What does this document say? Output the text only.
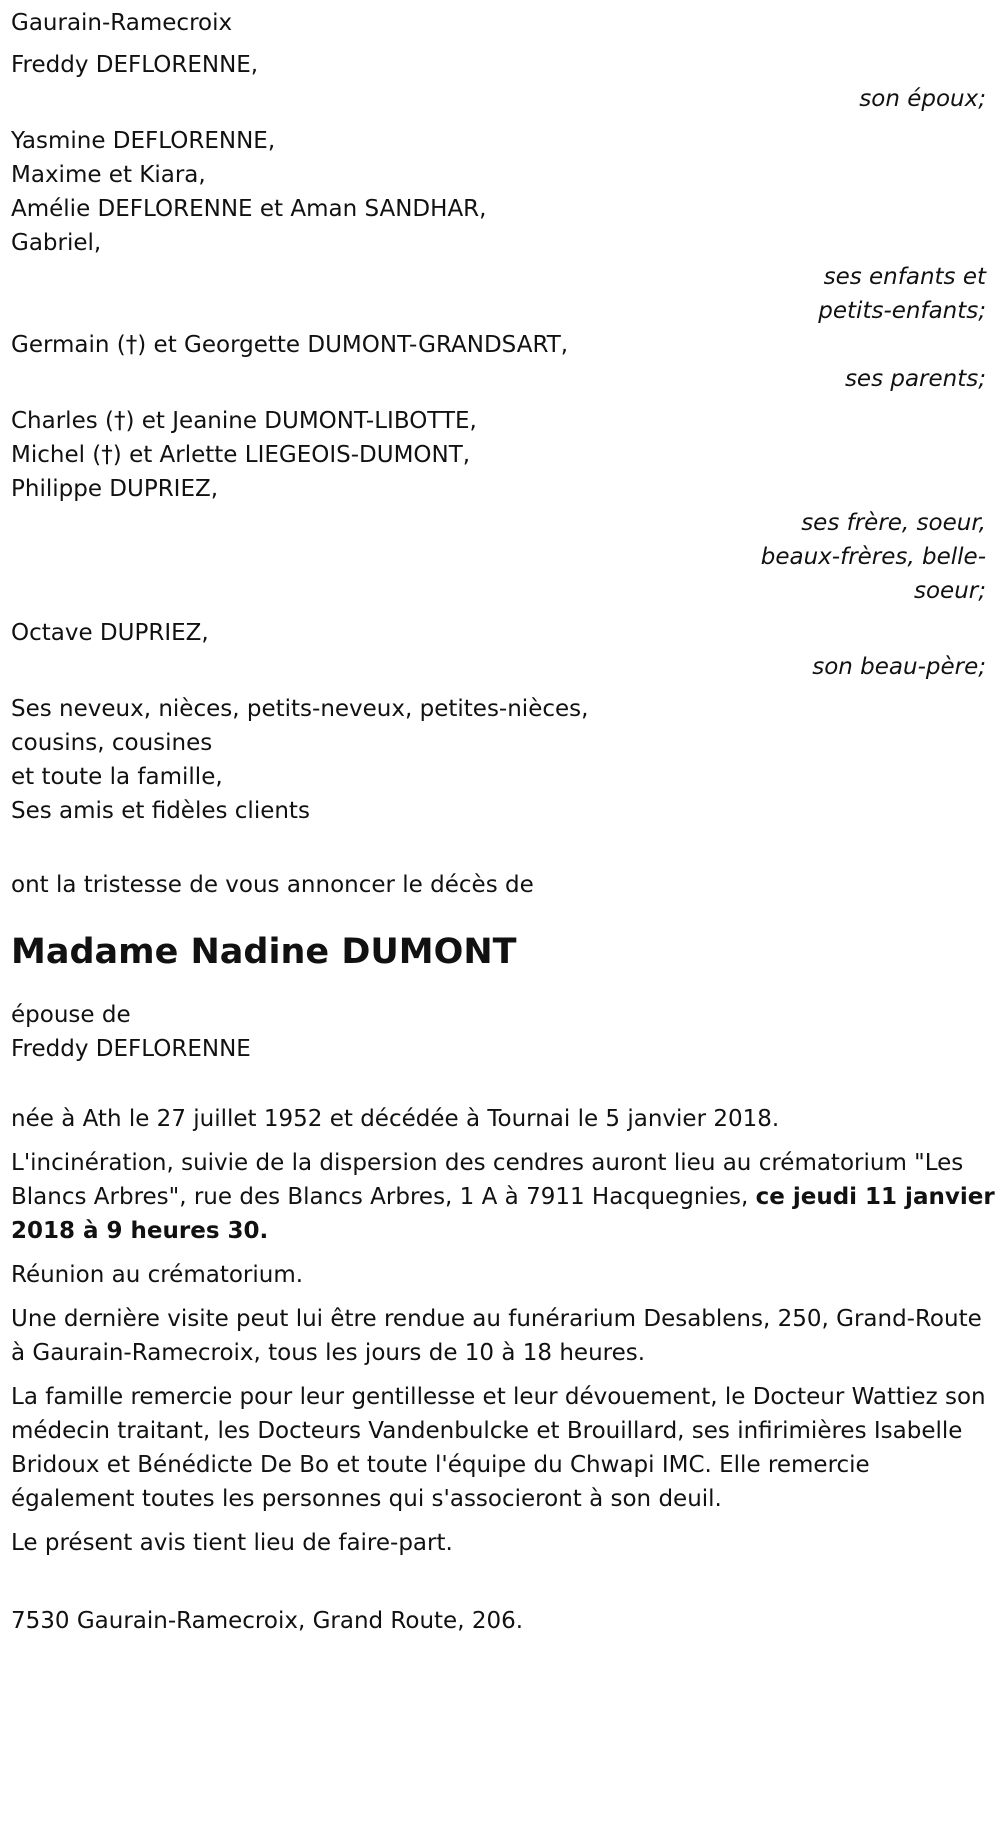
Gaurain-Ramecroix
Freddy DEFLORENNE,
son époux;
Yasmine DEFLORENNE,
Maxime et Kiara,
Amélie DEFLORENNE et Aman SANDHAR,
Gabriel,
ses enfants et
petits-enfants;
Germain (†) et Georgette DUMONT-GRANDSART,
ses parents;
Charles (†) et Jeanine DUMONT-LIBOTTE,
Michel (†) et Arlette LIEGEOIS-DUMONT,
Philippe DUPRIEZ,
ses frère, soeur,
beaux-frères, belle-
soeur;
Octave DUPRIEZ,
son beau-père;
Ses neveux, nièces, petits-neveux, petites-nièces,
cousins, cousines
et toute la famille,
Ses amis et fidèles clients
ont la tristesse de vous annoncer le décès de
Madame Nadine DUMONT
épouse de
Freddy DEFLORENNE

née à Ath le 27 juillet 1952 et décédée à Tournai le 5 janvier 2018.

L'incinération, suivie de la dispersion des cendres auront lieu au crématorium "Les Blancs Arbres", rue des Blancs Arbres, 1 A à 7911 Hacquegnies, ce jeudi 11 janvier 2018 à 9 heures 30.

Réunion au crématorium.

Une dernière visite peut lui être rendue au funérarium Desablens, 250, Grand-Route à Gaurain-Ramecroix, tous les jours de 10 à 18 heures.

La famille remercie pour leur gentillesse et leur dévouement, le Docteur Wattiez son médecin traitant, les Docteurs Vandenbulcke et Brouillard, ses infirimières Isabelle Bridoux et Bénédicte De Bo et toute l'équipe du Chwapi IMC. Elle remercie également toutes les personnes qui s'associeront à son deuil.

Le présent avis tient lieu de faire-part.

7530 Gaurain-Ramecroix, Grand Route, 206.
